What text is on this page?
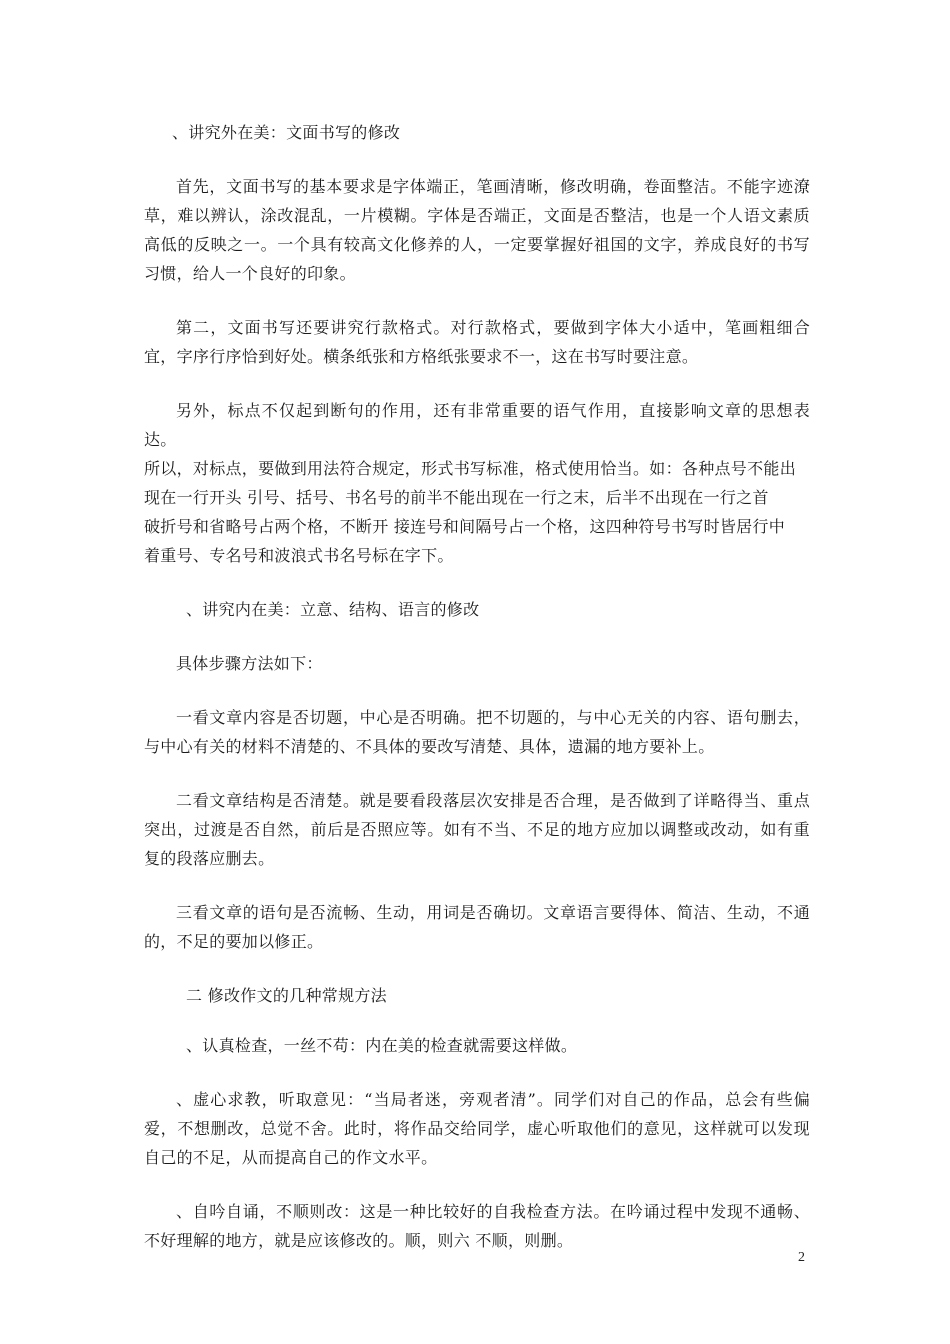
、讲究外在美：文面书写的修改

首先，文面书写的基本要求是字体端正，笔画清晰，修改明确，卷面整洁。不能字迹潦草，难以辨认，涂改混乱，一片模糊。字体是否端正，文面是否整洁，也是一个人语文素质高低的反映之一。一个具有较高文化修养的人，一定要掌握好祖国的文字，养成良好的书写习惯，给人一个良好的印象。

第二，文面书写还要讲究行款格式。对行款格式，要做到字体大小适中，笔画粗细合宜，字序行序恰到好处。横条纸张和方格纸张要求不一，这在书写时要注意。

另外，标点不仅起到断句的作用，还有非常重要的语气作用，直接影响文章的思想表达。

所以，对标点，要做到用法符合规定，形式书写标准，格式使用恰当。如：各种点号不能出

现在一行开头 引号、括号、书名号的前半不能出现在一行之末，后半不出现在一行之首

破折号和省略号占两个格，不断开 接连号和间隔号占一个格，这四种符号书写时皆居行中

着重号、专名号和波浪式书名号标在字下。

、讲究内在美：立意、结构、语言的修改

具体步骤方法如下：

一看文章内容是否切题，中心是否明确。把不切题的，与中心无关的内容、语句删去，与中心有关的材料不清楚的、不具体的要改写清楚、具体，遗漏的地方要补上。

二看文章结构是否清楚。就是要看段落层次安排是否合理，是否做到了详略得当、重点突出，过渡是否自然，前后是否照应等。如有不当、不足的地方应加以调整或改动，如有重复的段落应删去。

三看文章的语句是否流畅、生动，用词是否确切。文章语言要得体、简洁、生动，不通的，不足的要加以修正。

二 修改作文的几种常规方法

、认真检查，一丝不苟：内在美的检查就需要这样做。

、虚心求教，听取意见：“当局者迷，旁观者清”。同学们对自己的作品，总会有些偏爱，不想删改，总觉不舍。此时，将作品交给同学，虚心听取他们的意见，这样就可以发现自己的不足，从而提高自己的作文水平。

、自吟自诵，不顺则改：这是一种比较好的自我检查方法。在吟诵过程中发现不通畅、不好理解的地方，就是应该修改的。顺，则六 不顺，则删。

2
